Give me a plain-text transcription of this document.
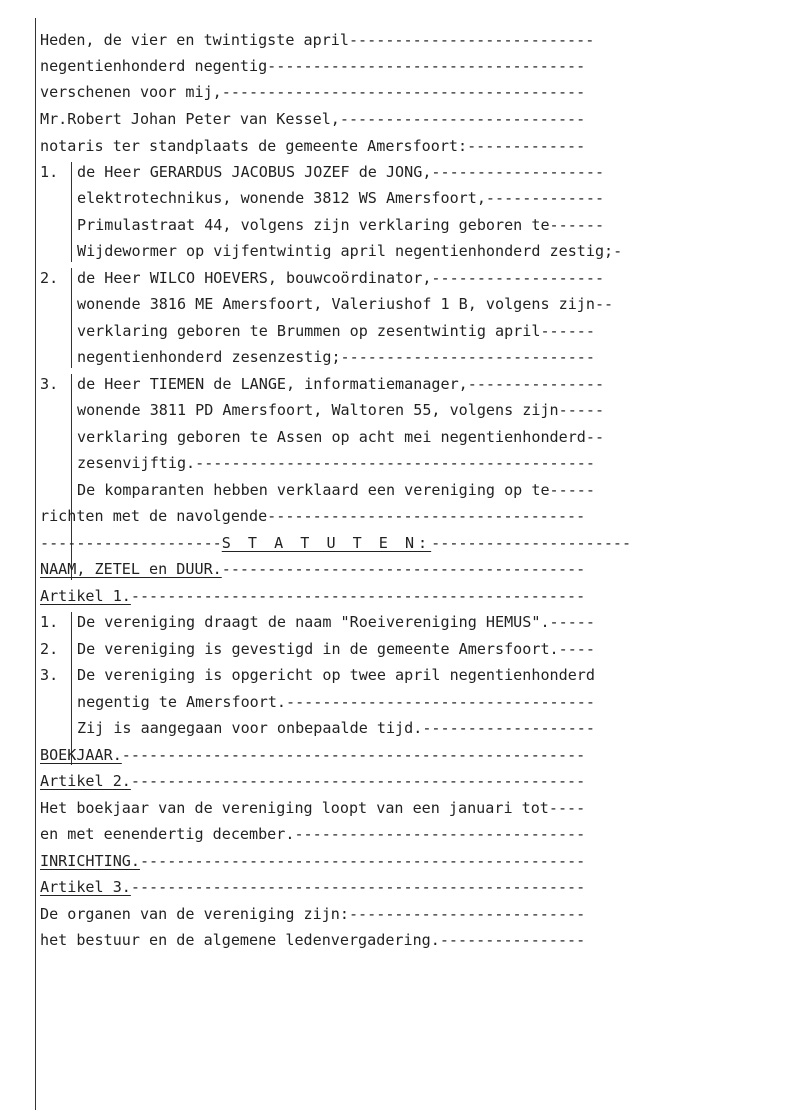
Heden, de vier en twintigste april---------------------------
negentienhonderd negentig-----------------------------------
verschenen voor mij,----------------------------------------
Mr.Robert Johan Peter van Kessel,---------------------------
notaris ter standplaats de gemeente Amersfoort:-------------
1.	de Heer GERARDUS JACOBUS JOZEF de JONG,-------------------
elektrotechnikus, wonende 3812 WS Amersfoort,-------------
Primulastraat 44, volgens zijn verklaring geboren te------
Wijdewormer op vijfentwintig april negentienhonderd zestig;-
2.	de Heer WILCO HOEVERS, bouwcoördinator,-------------------
wonende 3816 ME Amersfoort, Valeriushof 1 B, volgens zijn--
verklaring geboren te Brummen op zesentwintig april------
negentienhonderd zesenzestig;----------------------------
3.	de Heer TIEMEN de LANGE, informatiemanager,---------------
wonende 3811 PD Amersfoort, Waltoren 55, volgens zijn-----
verklaring geboren te Assen op acht mei negentienhonderd--
zesenvijftig.--------------------------------------------
De komparanten hebben verklaard een vereniging op te-----
richten met de navolgende-----------------------------------
--------------------S T A T U T E N:----------------------
NAAM, ZETEL en DUUR.----------------------------------------
Artikel 1.--------------------------------------------------
1.	De vereniging draagt de naam "Roeivereniging HEMUS".-----
2.	De vereniging is gevestigd in de gemeente Amersfoort.----
3.	De vereniging is opgericht op twee april negentienhonderd
negentig te Amersfoort.----------------------------------
Zij is aangegaan voor onbepaalde tijd.-------------------
BOEKJAAR.---------------------------------------------------
Artikel 2.--------------------------------------------------
Het boekjaar van de vereniging loopt van een januari tot----
en met eenendertig december.--------------------------------
INRICHTING.-------------------------------------------------
Artikel 3.--------------------------------------------------
De organen van de vereniging zijn:--------------------------
het bestuur en de algemene ledenvergadering.----------------
